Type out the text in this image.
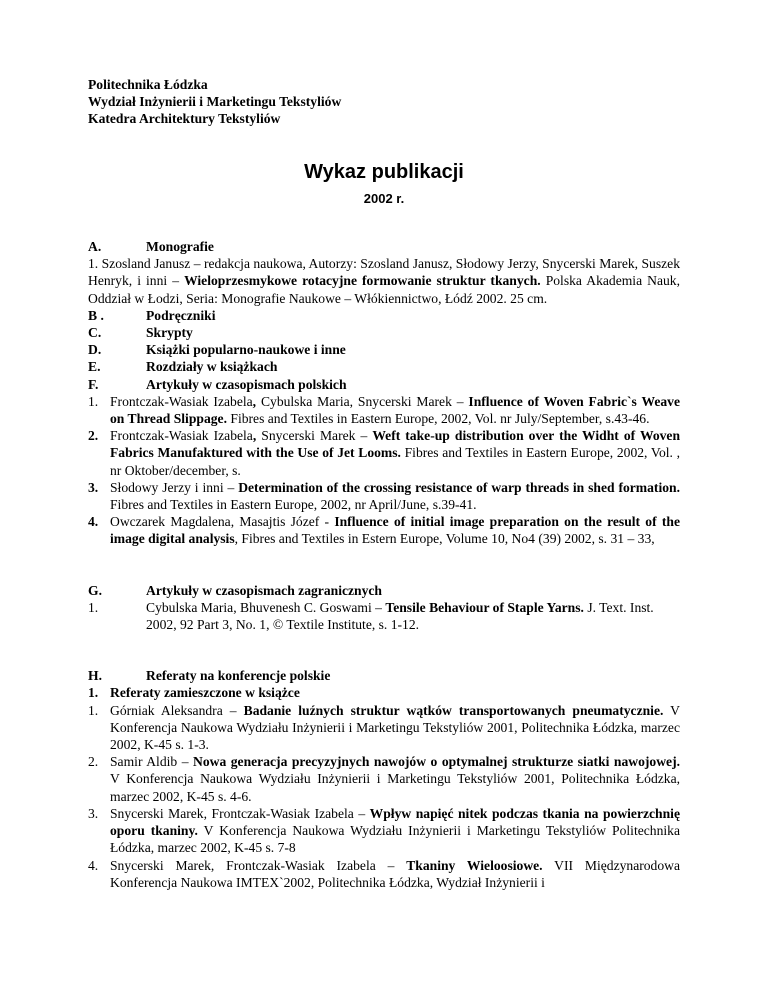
Politechnika Łódzka
Wydział Inżynierii i Marketingu Tekstyliów
Katedra Architektury Tekstyliów
Wykaz publikacji
2002 r.
A.	Monografie
1. Szosland Janusz – redakcja naukowa, Autorzy: Szosland Janusz, Słodowy Jerzy, Snycerski Marek, Suszek Henryk, i inni – Wieloprzesmykowe rotacyjne formowanie struktur tkanych. Polska Akademia Nauk, Oddział w Łodzi, Seria: Monografie Naukowe – Włókiennictwo, Łódź 2002. 25 cm.
B .	Podręczniki
C.	Skrypty
D.	Książki popularno-naukowe i inne
E.	Rozdziały w książkach
F.	Artykuły w czasopismach polskich
1. Frontczak-Wasiak Izabela, Cybulska Maria, Snycerski Marek – Influence of Woven Fabric`s Weave on Thread Slippage. Fibres and Textiles in Eastern Europe, 2002, Vol. nr July/September, s.43-46.
2. Frontczak-Wasiak Izabela, Snycerski Marek – Weft take-up distribution over the Widht of Woven Fabrics Manufaktured with the Use of Jet Looms. Fibres and Textiles in Eastern Europe, 2002, Vol. , nr Oktober/december, s.
3. Słodowy Jerzy i inni – Determination of the crossing resistance of warp threads in shed formation. Fibres and Textiles in Eastern Europe, 2002, nr April/June, s.39-41.
4. Owczarek Magdalena, Masajtis Józef - Influence of initial image preparation on the result of the image digital analysis, Fibres and Textiles in Estern Europe, Volume 10, No4 (39) 2002, s. 31 – 33,
G.	Artykuły w czasopismach zagranicznych
1.	Cybulska Maria, Bhuvenesh C. Goswami – Tensile Behaviour of Staple Yarns. J. Text. Inst. 2002, 92 Part 3, No. 1, © Textile Institute, s. 1-12.
H.	Referaty na konferencje polskie
1. Referaty zamieszczone w książce
1. Górniak Aleksandra – Badanie luźnych struktur wątków transportowanych pneumatycznie. V Konferencja Naukowa Wydziału Inżynierii i Marketingu Tekstyliów 2001, Politechnika Łódzka, marzec 2002, K-45 s. 1-3.
2. Samir Aldib – Nowa generacja precyzyjnych nawojów o optymalnej strukturze siatki nawojowej. V Konferencja Naukowa Wydziału Inżynierii i Marketingu Tekstyliów 2001, Politechnika Łódzka, marzec 2002, K-45 s. 4-6.
3. Snycerski Marek, Frontczak-Wasiak Izabela – Wpływ napięć nitek podczas tkania na powierzchnię oporu tkaniny. V Konferencja Naukowa Wydziału Inżynierii i Marketingu Tekstyliów Politechnika Łódzka, marzec 2002, K-45 s. 7-8
4. Snycerski Marek, Frontczak-Wasiak Izabela – Tkaniny Wieloosiowe. VII Międzynarodowa Konferencja Naukowa IMTEX`2002, Politechnika Łódzka, Wydział Inżynierii i
